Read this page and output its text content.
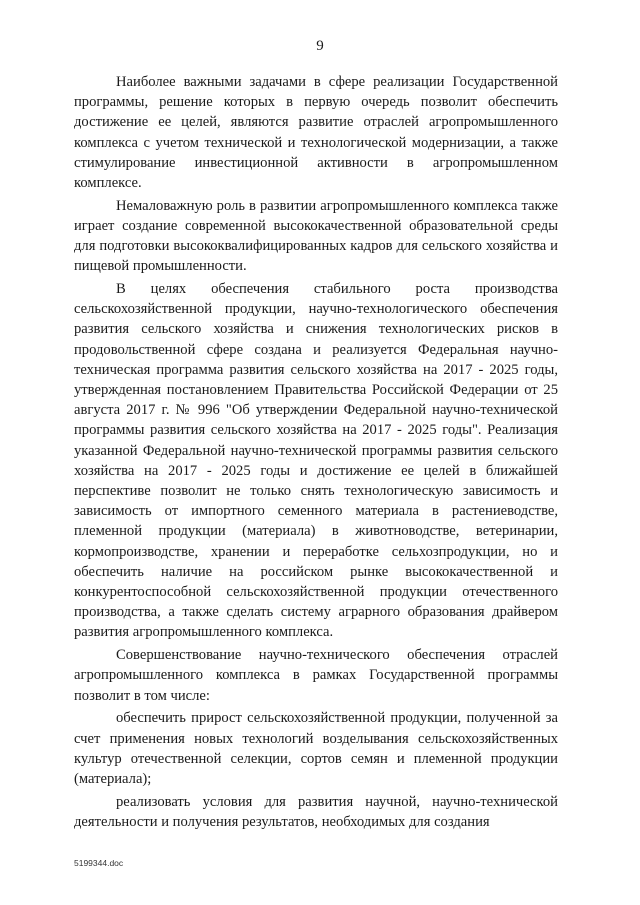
9

Наиболее важными задачами в сфере реализации Государственной программы, решение которых в первую очередь позволит обеспечить достижение ее целей, являются развитие отраслей агропромышленного комплекса с учетом технической и технологической модернизации, а также стимулирование инвестиционной активности в агропромышленном комплексе.

Немаловажную роль в развитии агропромышленного комплекса также играет создание современной высококачественной образовательной среды для подготовки высококвалифицированных кадров для сельского хозяйства и пищевой промышленности.

В целях обеспечения стабильного роста производства сельскохозяйственной продукции, научно-технологического обеспечения развития сельского хозяйства и снижения технологических рисков в продовольственной сфере создана и реализуется Федеральная научно-техническая программа развития сельского хозяйства на 2017 - 2025 годы, утвержденная постановлением Правительства Российской Федерации от 25 августа 2017 г. № 996 "Об утверждении Федеральной научно-технической программы развития сельского хозяйства на 2017 - 2025 годы". Реализация указанной Федеральной научно-технической программы развития сельского хозяйства на 2017 - 2025 годы и достижение ее целей в ближайшей перспективе позволит не только снять технологическую зависимость и зависимость от импортного семенного материала в растениеводстве, племенной продукции (материала) в животноводстве, ветеринарии, кормопроизводстве, хранении и переработке сельхозпродукции, но и обеспечить наличие на российском рынке высококачественной и конкурентоспособной сельскохозяйственной продукции отечественного производства, а также сделать систему аграрного образования драйвером развития агропромышленного комплекса.

Совершенствование научно-технического обеспечения отраслей агропромышленного комплекса в рамках Государственной программы позволит в том числе:

обеспечить прирост сельскохозяйственной продукции, полученной за счет применения новых технологий возделывания сельскохозяйственных культур отечественной селекции, сортов семян и племенной продукции (материала);

реализовать условия для развития научной, научно-технической деятельности и получения результатов, необходимых для создания

5199344.doc
